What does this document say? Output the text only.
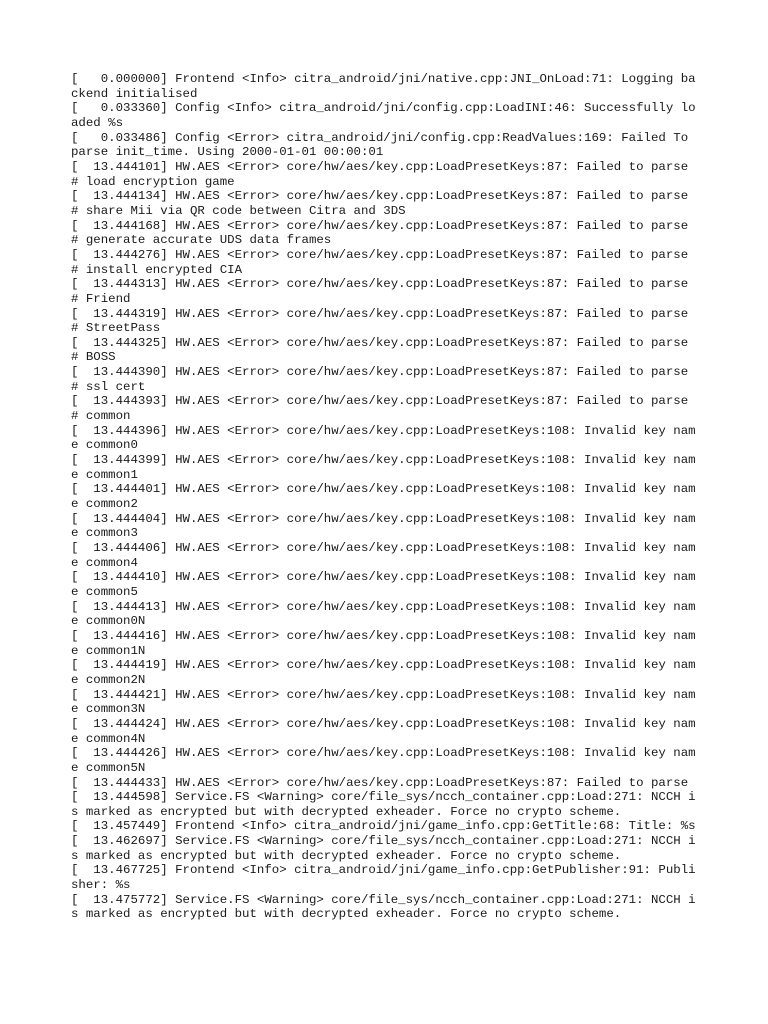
[   0.000000] Frontend <Info> citra_android/jni/native.cpp:JNI_OnLoad:71: Logging backend initialised
[   0.033360] Config <Info> citra_android/jni/config.cpp:LoadINI:46: Successfully loaded %s
[   0.033486] Config <Error> citra_android/jni/config.cpp:ReadValues:169: Failed To parse init_time. Using 2000-01-01 00:00:01
[  13.444101] HW.AES <Error> core/hw/aes/key.cpp:LoadPresetKeys:87: Failed to parse # load encryption game
[  13.444134] HW.AES <Error> core/hw/aes/key.cpp:LoadPresetKeys:87: Failed to parse # share Mii via QR code between Citra and 3DS
[  13.444168] HW.AES <Error> core/hw/aes/key.cpp:LoadPresetKeys:87: Failed to parse # generate accurate UDS data frames
[  13.444276] HW.AES <Error> core/hw/aes/key.cpp:LoadPresetKeys:87: Failed to parse # install encrypted CIA
[  13.444313] HW.AES <Error> core/hw/aes/key.cpp:LoadPresetKeys:87: Failed to parse # Friend
[  13.444319] HW.AES <Error> core/hw/aes/key.cpp:LoadPresetKeys:87: Failed to parse # StreetPass
[  13.444325] HW.AES <Error> core/hw/aes/key.cpp:LoadPresetKeys:87: Failed to parse # BOSS
[  13.444390] HW.AES <Error> core/hw/aes/key.cpp:LoadPresetKeys:87: Failed to parse # ssl cert
[  13.444393] HW.AES <Error> core/hw/aes/key.cpp:LoadPresetKeys:87: Failed to parse # common
[  13.444396] HW.AES <Error> core/hw/aes/key.cpp:LoadPresetKeys:108: Invalid key name common0
[  13.444399] HW.AES <Error> core/hw/aes/key.cpp:LoadPresetKeys:108: Invalid key name common1
[  13.444401] HW.AES <Error> core/hw/aes/key.cpp:LoadPresetKeys:108: Invalid key name common2
[  13.444404] HW.AES <Error> core/hw/aes/key.cpp:LoadPresetKeys:108: Invalid key name common3
[  13.444406] HW.AES <Error> core/hw/aes/key.cpp:LoadPresetKeys:108: Invalid key name common4
[  13.444410] HW.AES <Error> core/hw/aes/key.cpp:LoadPresetKeys:108: Invalid key name common5
[  13.444413] HW.AES <Error> core/hw/aes/key.cpp:LoadPresetKeys:108: Invalid key name common0N
[  13.444416] HW.AES <Error> core/hw/aes/key.cpp:LoadPresetKeys:108: Invalid key name common1N
[  13.444419] HW.AES <Error> core/hw/aes/key.cpp:LoadPresetKeys:108: Invalid key name common2N
[  13.444421] HW.AES <Error> core/hw/aes/key.cpp:LoadPresetKeys:108: Invalid key name common3N
[  13.444424] HW.AES <Error> core/hw/aes/key.cpp:LoadPresetKeys:108: Invalid key name common4N
[  13.444426] HW.AES <Error> core/hw/aes/key.cpp:LoadPresetKeys:108: Invalid key name common5N
[  13.444433] HW.AES <Error> core/hw/aes/key.cpp:LoadPresetKeys:87: Failed to parse
[  13.444598] Service.FS <Warning> core/file_sys/ncch_container.cpp:Load:271: NCCH is marked as encrypted but with decrypted exheader. Force no crypto scheme.
[  13.457449] Frontend <Info> citra_android/jni/game_info.cpp:GetTitle:68: Title: %s
[  13.462697] Service.FS <Warning> core/file_sys/ncch_container.cpp:Load:271: NCCH is marked as encrypted but with decrypted exheader. Force no crypto scheme.
[  13.467725] Frontend <Info> citra_android/jni/game_info.cpp:GetPublisher:91: Publisher: %s
[  13.475772] Service.FS <Warning> core/file_sys/ncch_container.cpp:Load:271: NCCH is marked as encrypted but with decrypted exheader. Force no crypto scheme.
